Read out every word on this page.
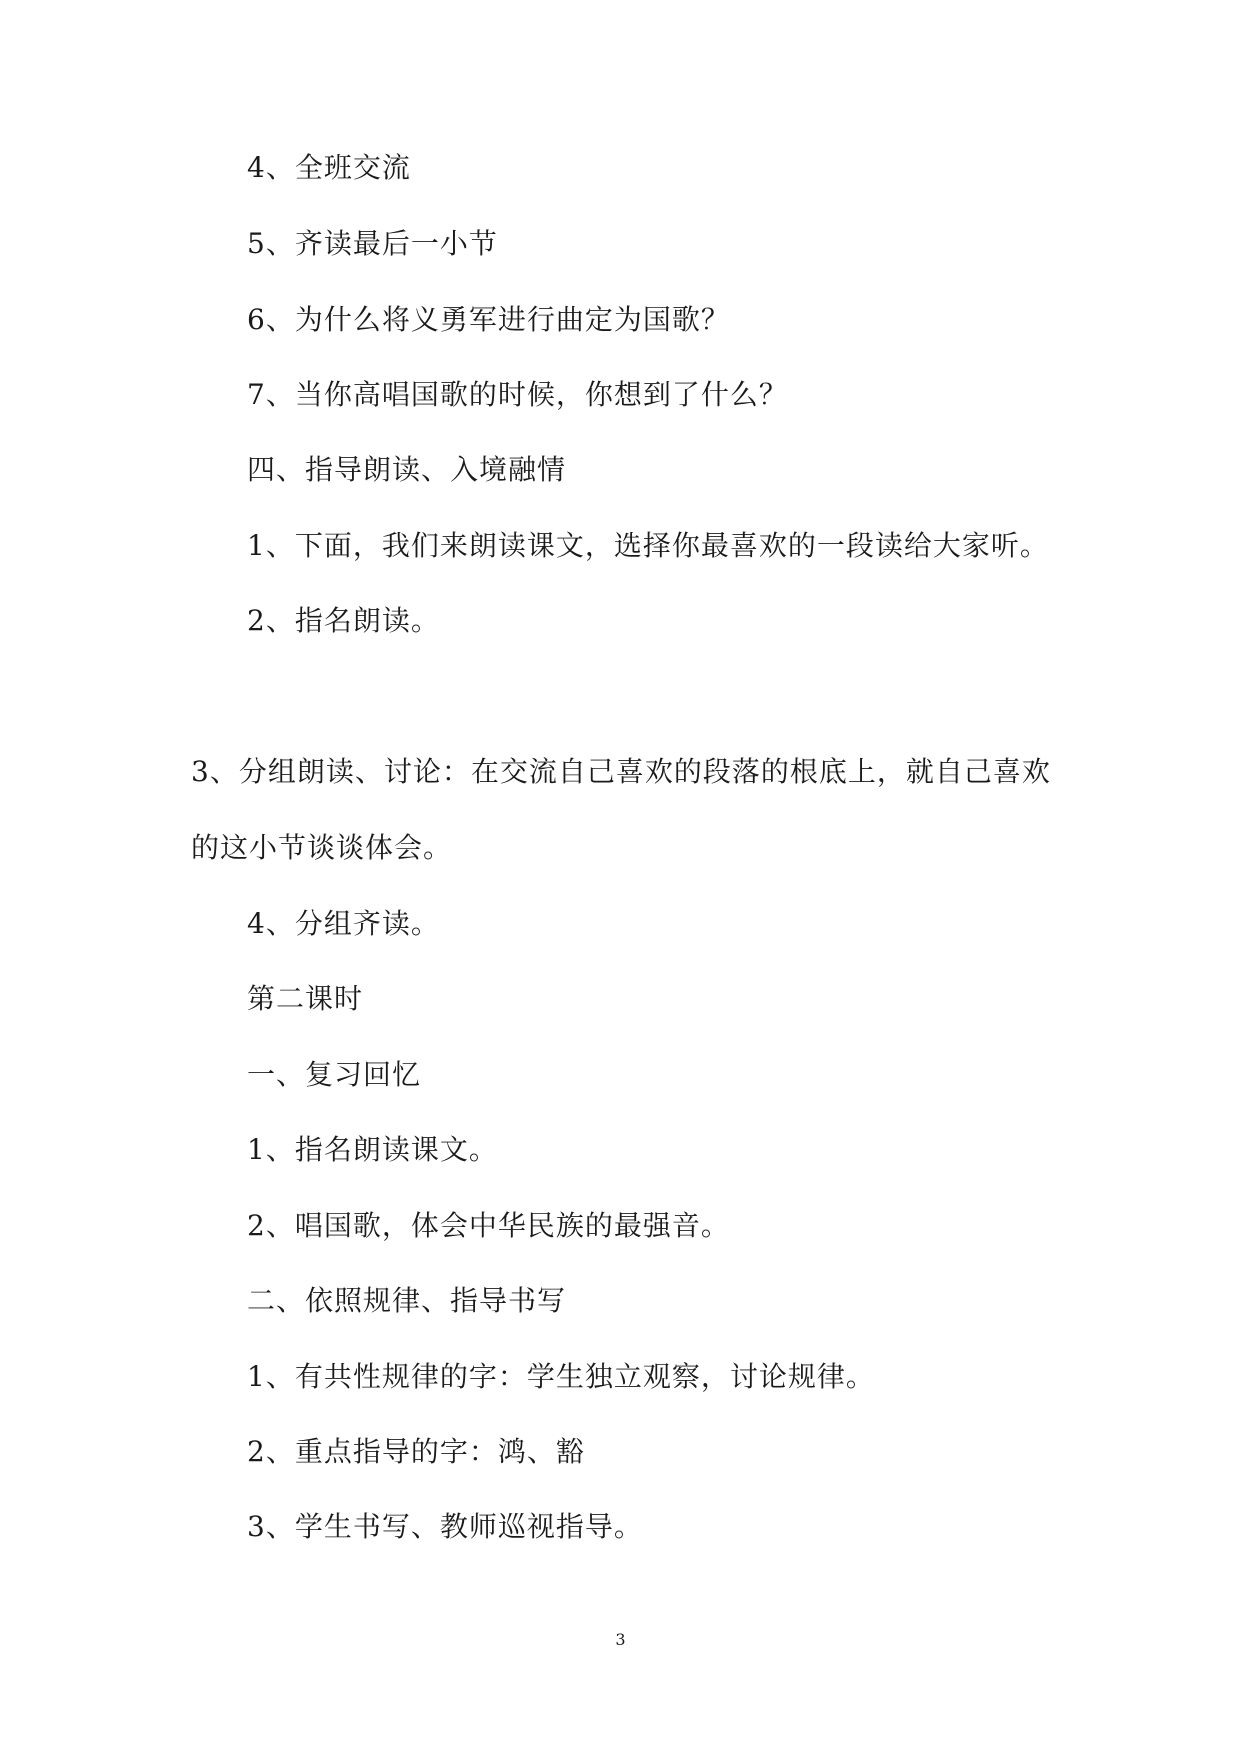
4、全班交流
5、齐读最后一小节
6、为什么将义勇军进行曲定为国歌？
7、当你高唱国歌的时候，你想到了什么？
四、指导朗读、入境融情
1、下面，我们来朗读课文，选择你最喜欢的一段读给大家听。
2、指名朗读。
3、分组朗读、讨论：在交流自己喜欢的段落的根底上，就自己喜欢
的这小节谈谈体会。
4、分组齐读。
第二课时
一、复习回忆
1、指名朗读课文。
2、唱国歌，体会中华民族的最强音。
二、依照规律、指导书写
1、有共性规律的字：学生独立观察，讨论规律。
2、重点指导的字：鸿、豁
3、学生书写、教师巡视指导。
3
